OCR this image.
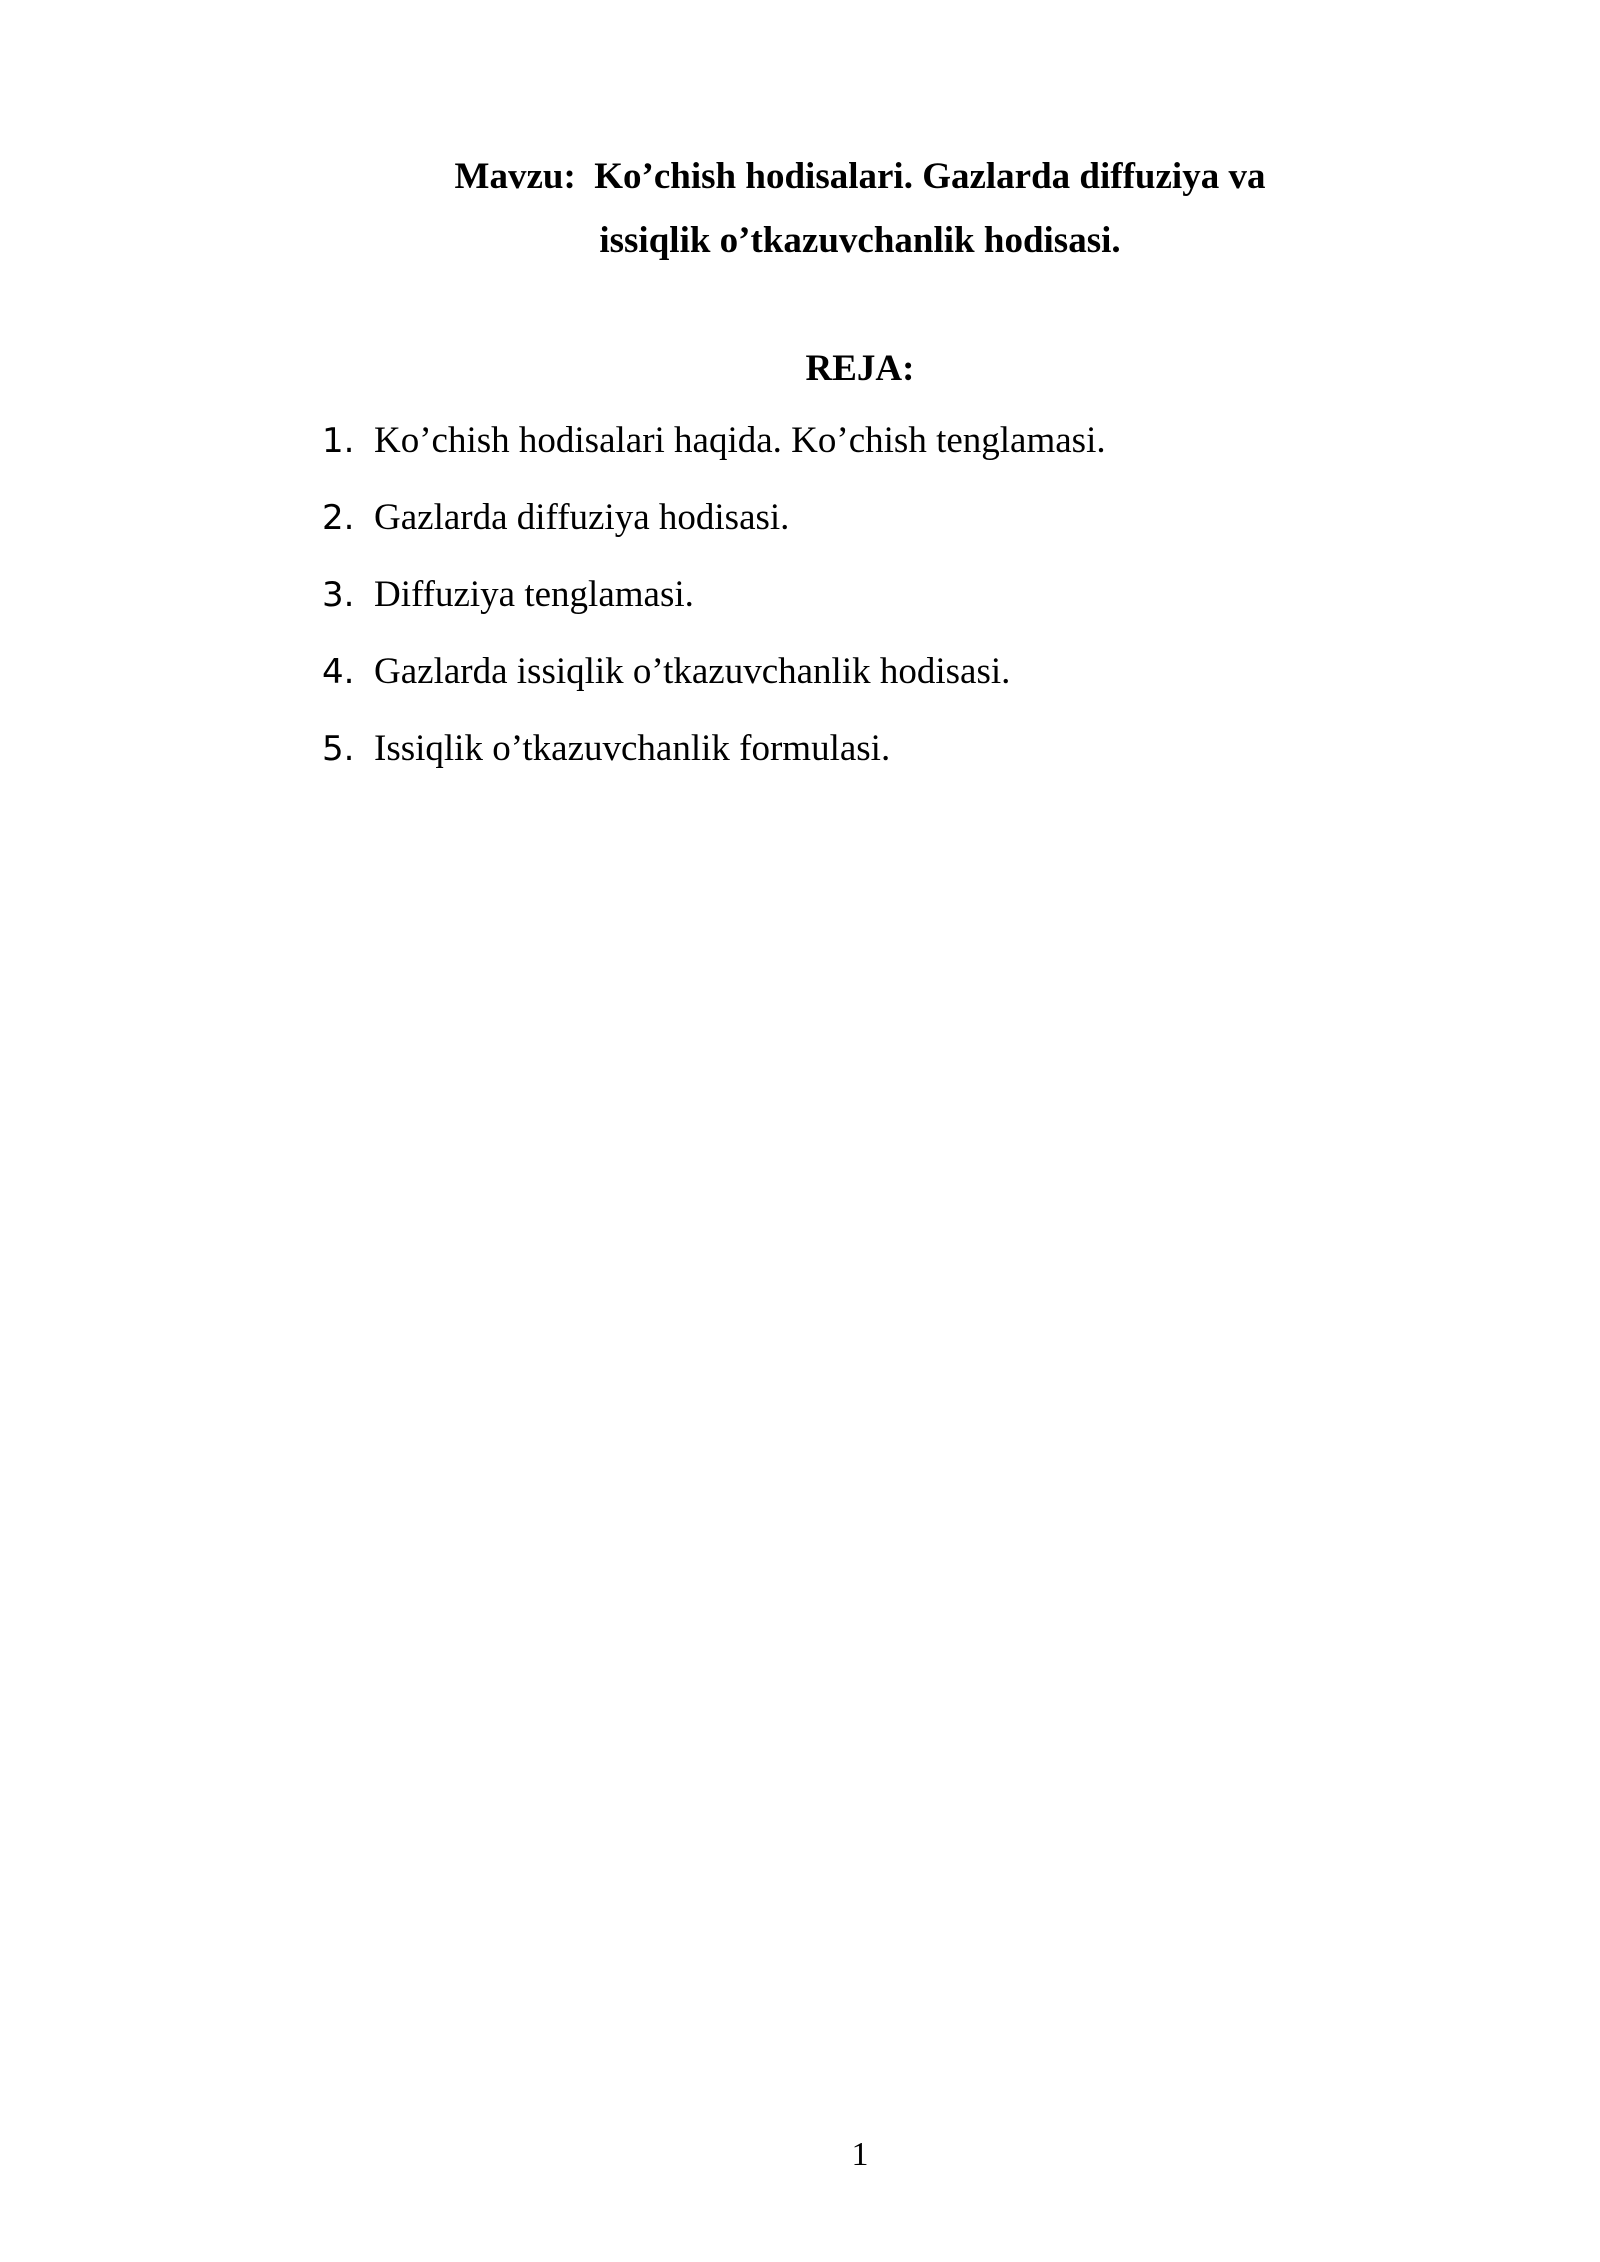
Mavzu:  Ko’chish hodisalari. Gazlarda diffuziya va
issiqlik o’tkazuvchanlik hodisasi.
REJA:
1. Ko’chish hodisalari haqida. Ko’chish tenglamasi.
2. Gazlarda diffuziya hodisasi.
3. Diffuziya tenglamasi.
4. Gazlarda issiqlik o’tkazuvchanlik hodisasi.
5. Issiqlik o’tkazuvchanlik formulasi.
1
